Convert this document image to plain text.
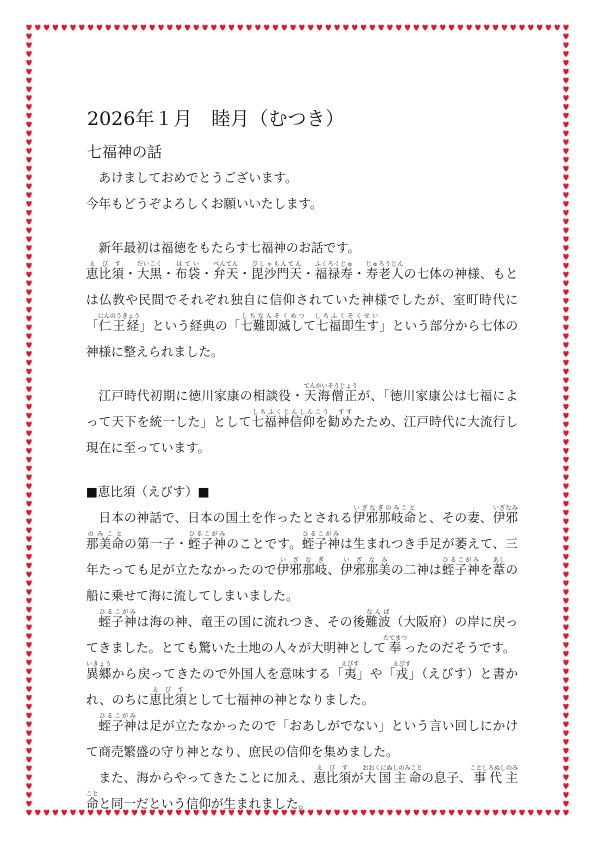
2026年１月　睦月（むつき）
七福神の話

あけましておめでとうございます。

今年もどうぞよろしくお願いいたします。

新年最初は福徳をもたらす七福神のお話です。

恵比須えびす・大黒だいこく・布袋ほてい・弁天べんてん・毘沙門天びしゃもんてん・福禄寿ふくろくじゅ・寿老人じゅろうじんの七体の神様、もとは仏教や民間でそれぞれ独自に信仰されていた神様でしたが、室町時代に「仁王経にんのうきょう」という経典の「七難即滅して七福即生すしちなんそくめつ　しちふくそくせい」という部分から七体の神様に整えられました。

江戸時代初期に徳川家康の相談役・天海僧正てんかいそうじょうが、「徳川家康公は七福によって天下を統一した」として七福神信仰を勧めしちふくじんしんこう　すすたため、江戸時代に大流行し現在に至っています。

■恵比須（えびす）■

日本の神話で、日本の国土を作ったとされる伊邪那岐命いざなぎのみことと、その妻、伊邪那美命いざなみのみことの第一子・蛭子神ひるこがみのことです。蛭子神ひるこがみは生まれつき手足が萎えて、三年たっても足が立たなかったので伊邪那岐いざなぎ、伊邪那美いざなみの二神は蛭子神ひるこがみを葦あしの船に乗せて海に流してしまいました。

蛭子神ひるこがみは海の神、竜王の国に流れつき、その後難波なんば（大阪府）の岸に戻ってきました。とても驚いた土地の人々が大明神として奉たてまつったのだそうです。異郷いきょうから戻ってきたので外国人を意味する「夷えびす」や「戎えびす」（えびす）と書かれ、のちに恵比須えびすとして七福神の神となりました。

蛭子神ひるこがみは足が立たなかったので「おあしがでない」という言い回しにかけて商売繁盛の守り神となり、庶民の信仰を集めました。

また、海からやってきたことに加え、恵比須えびすが大国主命おおくにぬしのみことの息子、事代主命ことしろぬしのみことと同一だという信仰が生まれました。
